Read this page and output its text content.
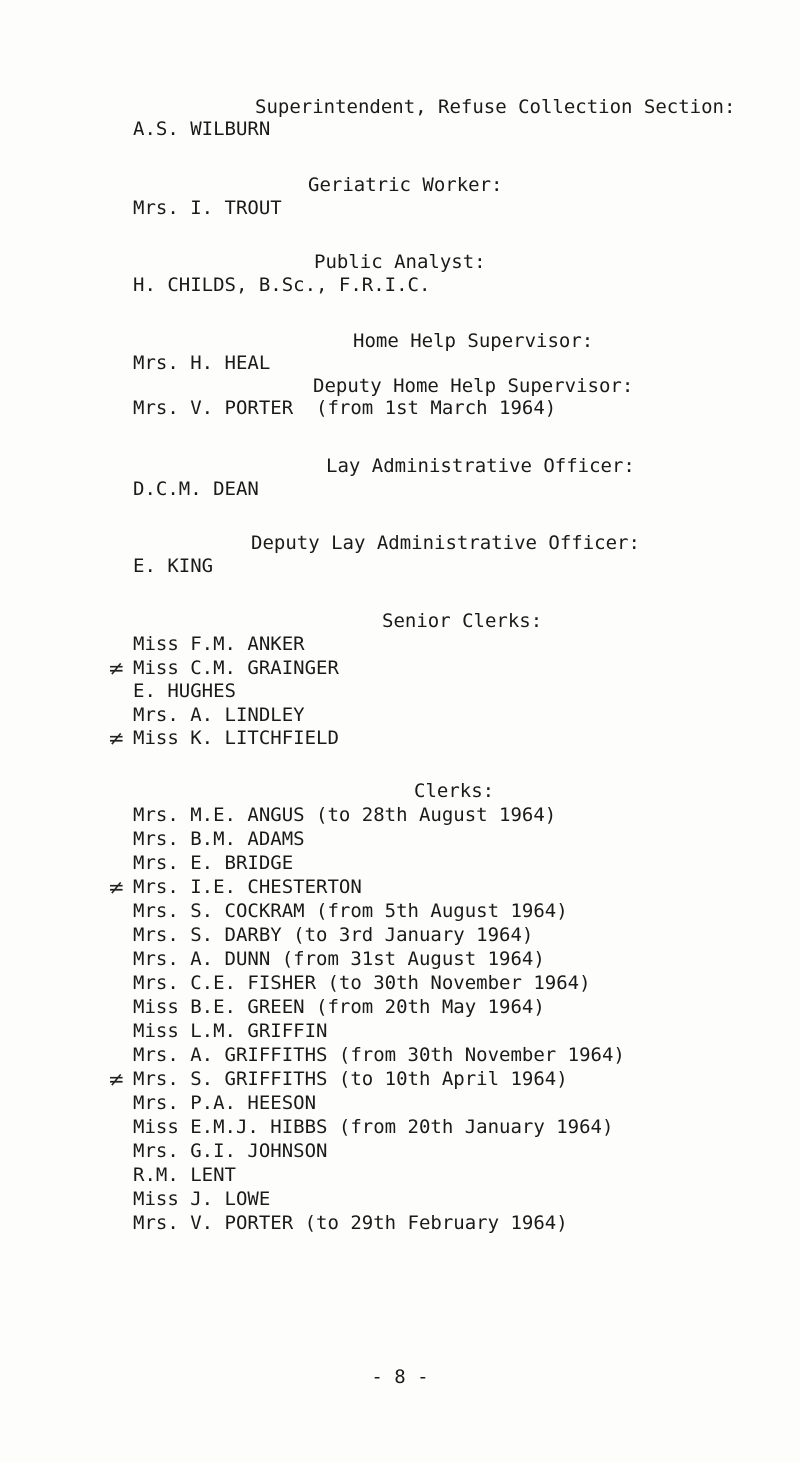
Superintendent, Refuse Collection Section:
A.S. WILBURN
Geriatric Worker:
Mrs. I. TROUT
Public Analyst:
H. CHILDS, B.Sc., F.R.I.C.
Home Help Supervisor:
Mrs. H. HEAL
Deputy Home Help Supervisor:
Mrs. V. PORTER (from 1st March 1964)
Lay Administrative Officer:
D.C.M. DEAN
Deputy Lay Administrative Officer:
E. KING
Senior Clerks:
Miss F.M. ANKER
≠ Miss C.M. GRAINGER
E. HUGHES
Mrs. A. LINDLEY
≠ Miss K. LITCHFIELD
Clerks:
Mrs. M.E. ANGUS (to 28th August 1964)
Mrs. B.M. ADAMS
Mrs. E. BRIDGE
≠ Mrs. I.E. CHESTERTON
Mrs. S. COCKRAM (from 5th August 1964)
Mrs. S. DARBY (to 3rd January 1964)
Mrs. A. DUNN (from 31st August 1964)
Mrs. C.E. FISHER (to 30th November 1964)
Miss B.E. GREEN (from 20th May 1964)
Miss L.M. GRIFFIN
Mrs. A. GRIFFITHS (from 30th November 1964)
≠ Mrs. S. GRIFFITHS (to 10th April 1964)
Mrs. P.A. HEESON
Miss E.M.J. HIBBS (from 20th January 1964)
Mrs. G.I. JOHNSON
R.M. LENT
Miss J. LOWE
Mrs. V. PORTER (to 29th February 1964)
- 8 -
